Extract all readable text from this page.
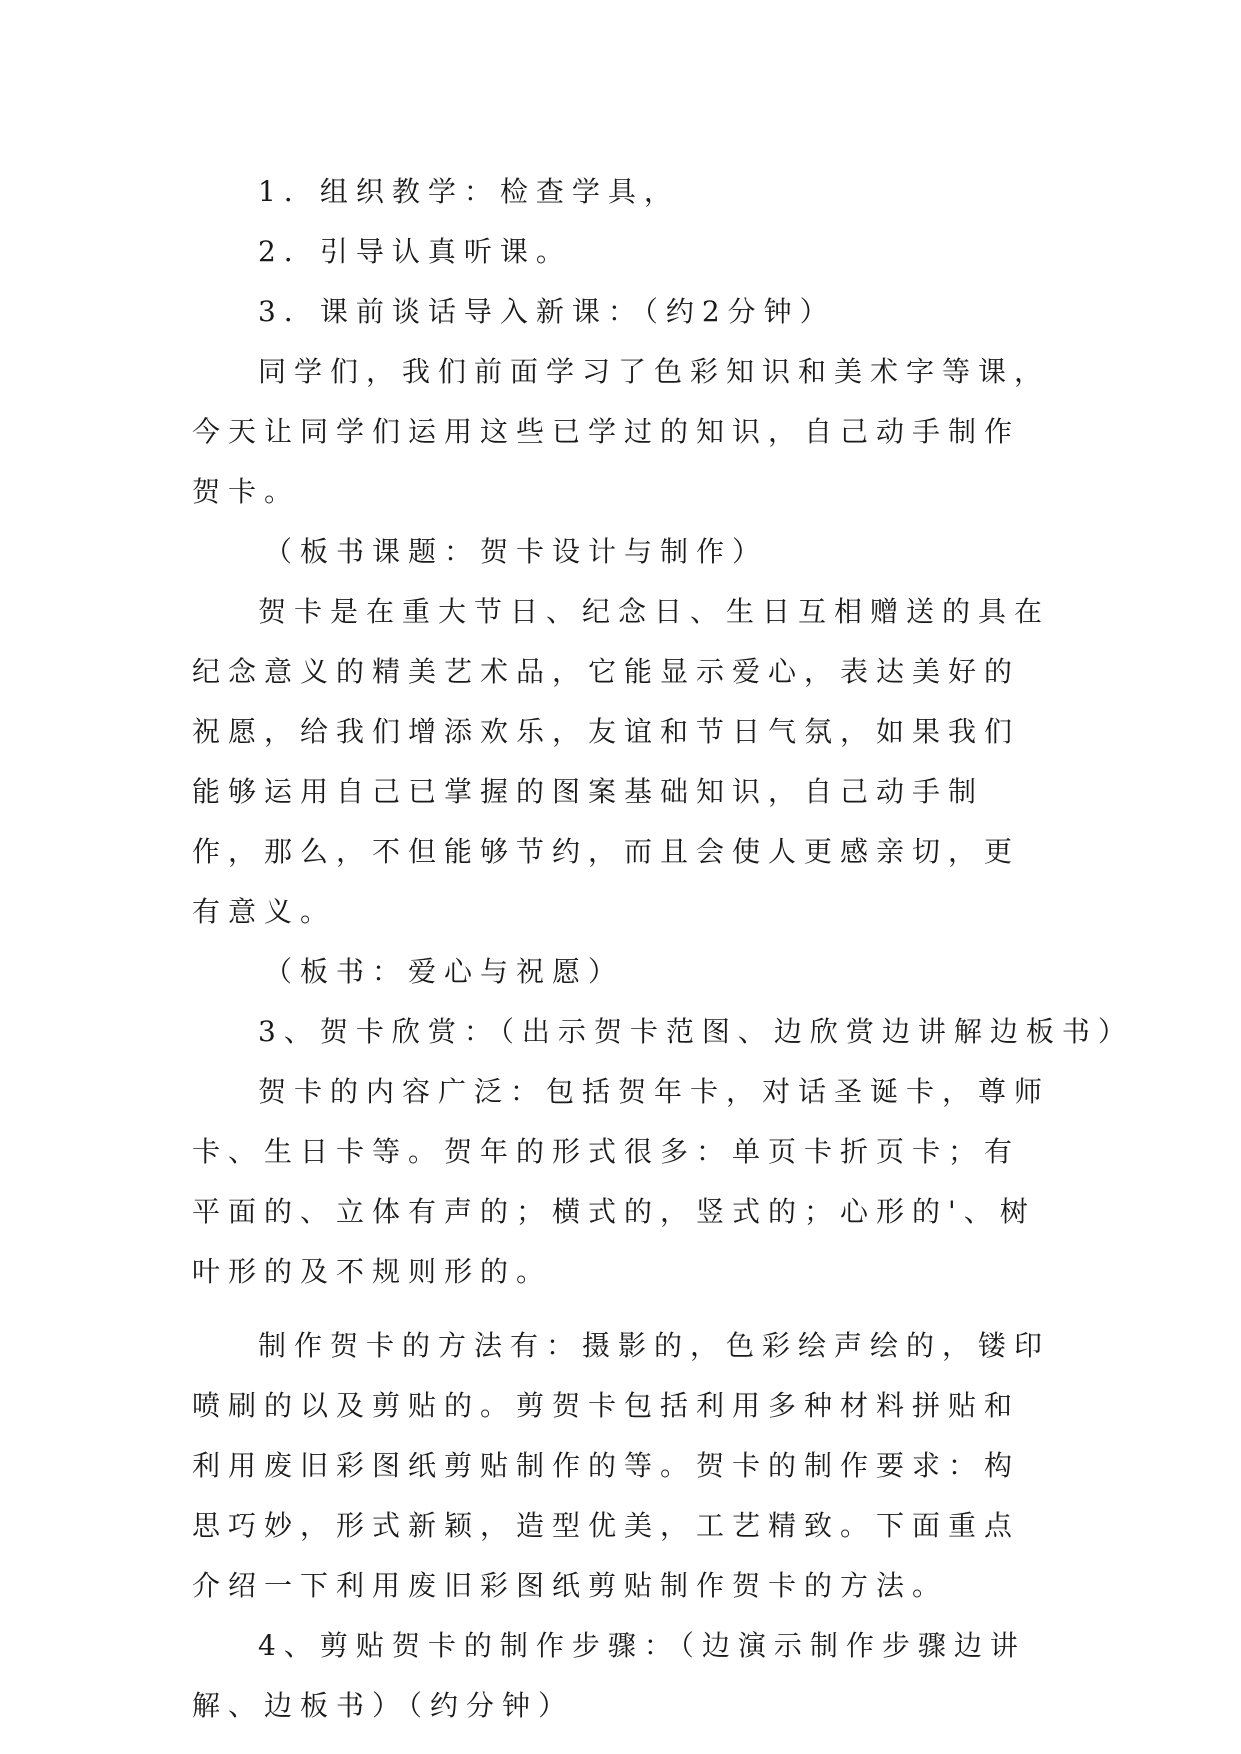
1．组织教学：检查学具，

2．引导认真听课。

3．课前谈话导入新课：（约2分钟）

同学们，我们前面学习了色彩知识和美术字等课，今天让同学们运用这些已学过的知识，自己动手制作贺卡。

（板书课题：贺卡设计与制作）

贺卡是在重大节日、纪念日、生日互相赠送的具在纪念意义的精美艺术品，它能显示爱心，表达美好的祝愿，给我们增添欢乐，友谊和节日气氛，如果我们能够运用自己已掌握的图案基础知识，自己动手制作，那么，不但能够节约，而且会使人更感亲切，更有意义。

（板书：爱心与祝愿）

3、贺卡欣赏：（出示贺卡范图、边欣赏边讲解边板书）

贺卡的内容广泛：包括贺年卡，对话圣诞卡，尊师卡、生日卡等。贺年的形式很多：单页卡折页卡；有平面的、立体有声的；横式的，竖式的；心形的'、树叶形的及不规则形的。

制作贺卡的方法有：摄影的，色彩绘声绘的，镂印喷刷的以及剪贴的。剪贺卡包括利用多种材料拼贴和利用废旧彩图纸剪贴制作的等。贺卡的制作要求：构思巧妙，形式新颖，造型优美，工艺精致。下面重点介绍一下利用废旧彩图纸剪贴制作贺卡的方法。

4、剪贴贺卡的制作步骤：（边演示制作步骤边讲解、边板书）（约分钟）
